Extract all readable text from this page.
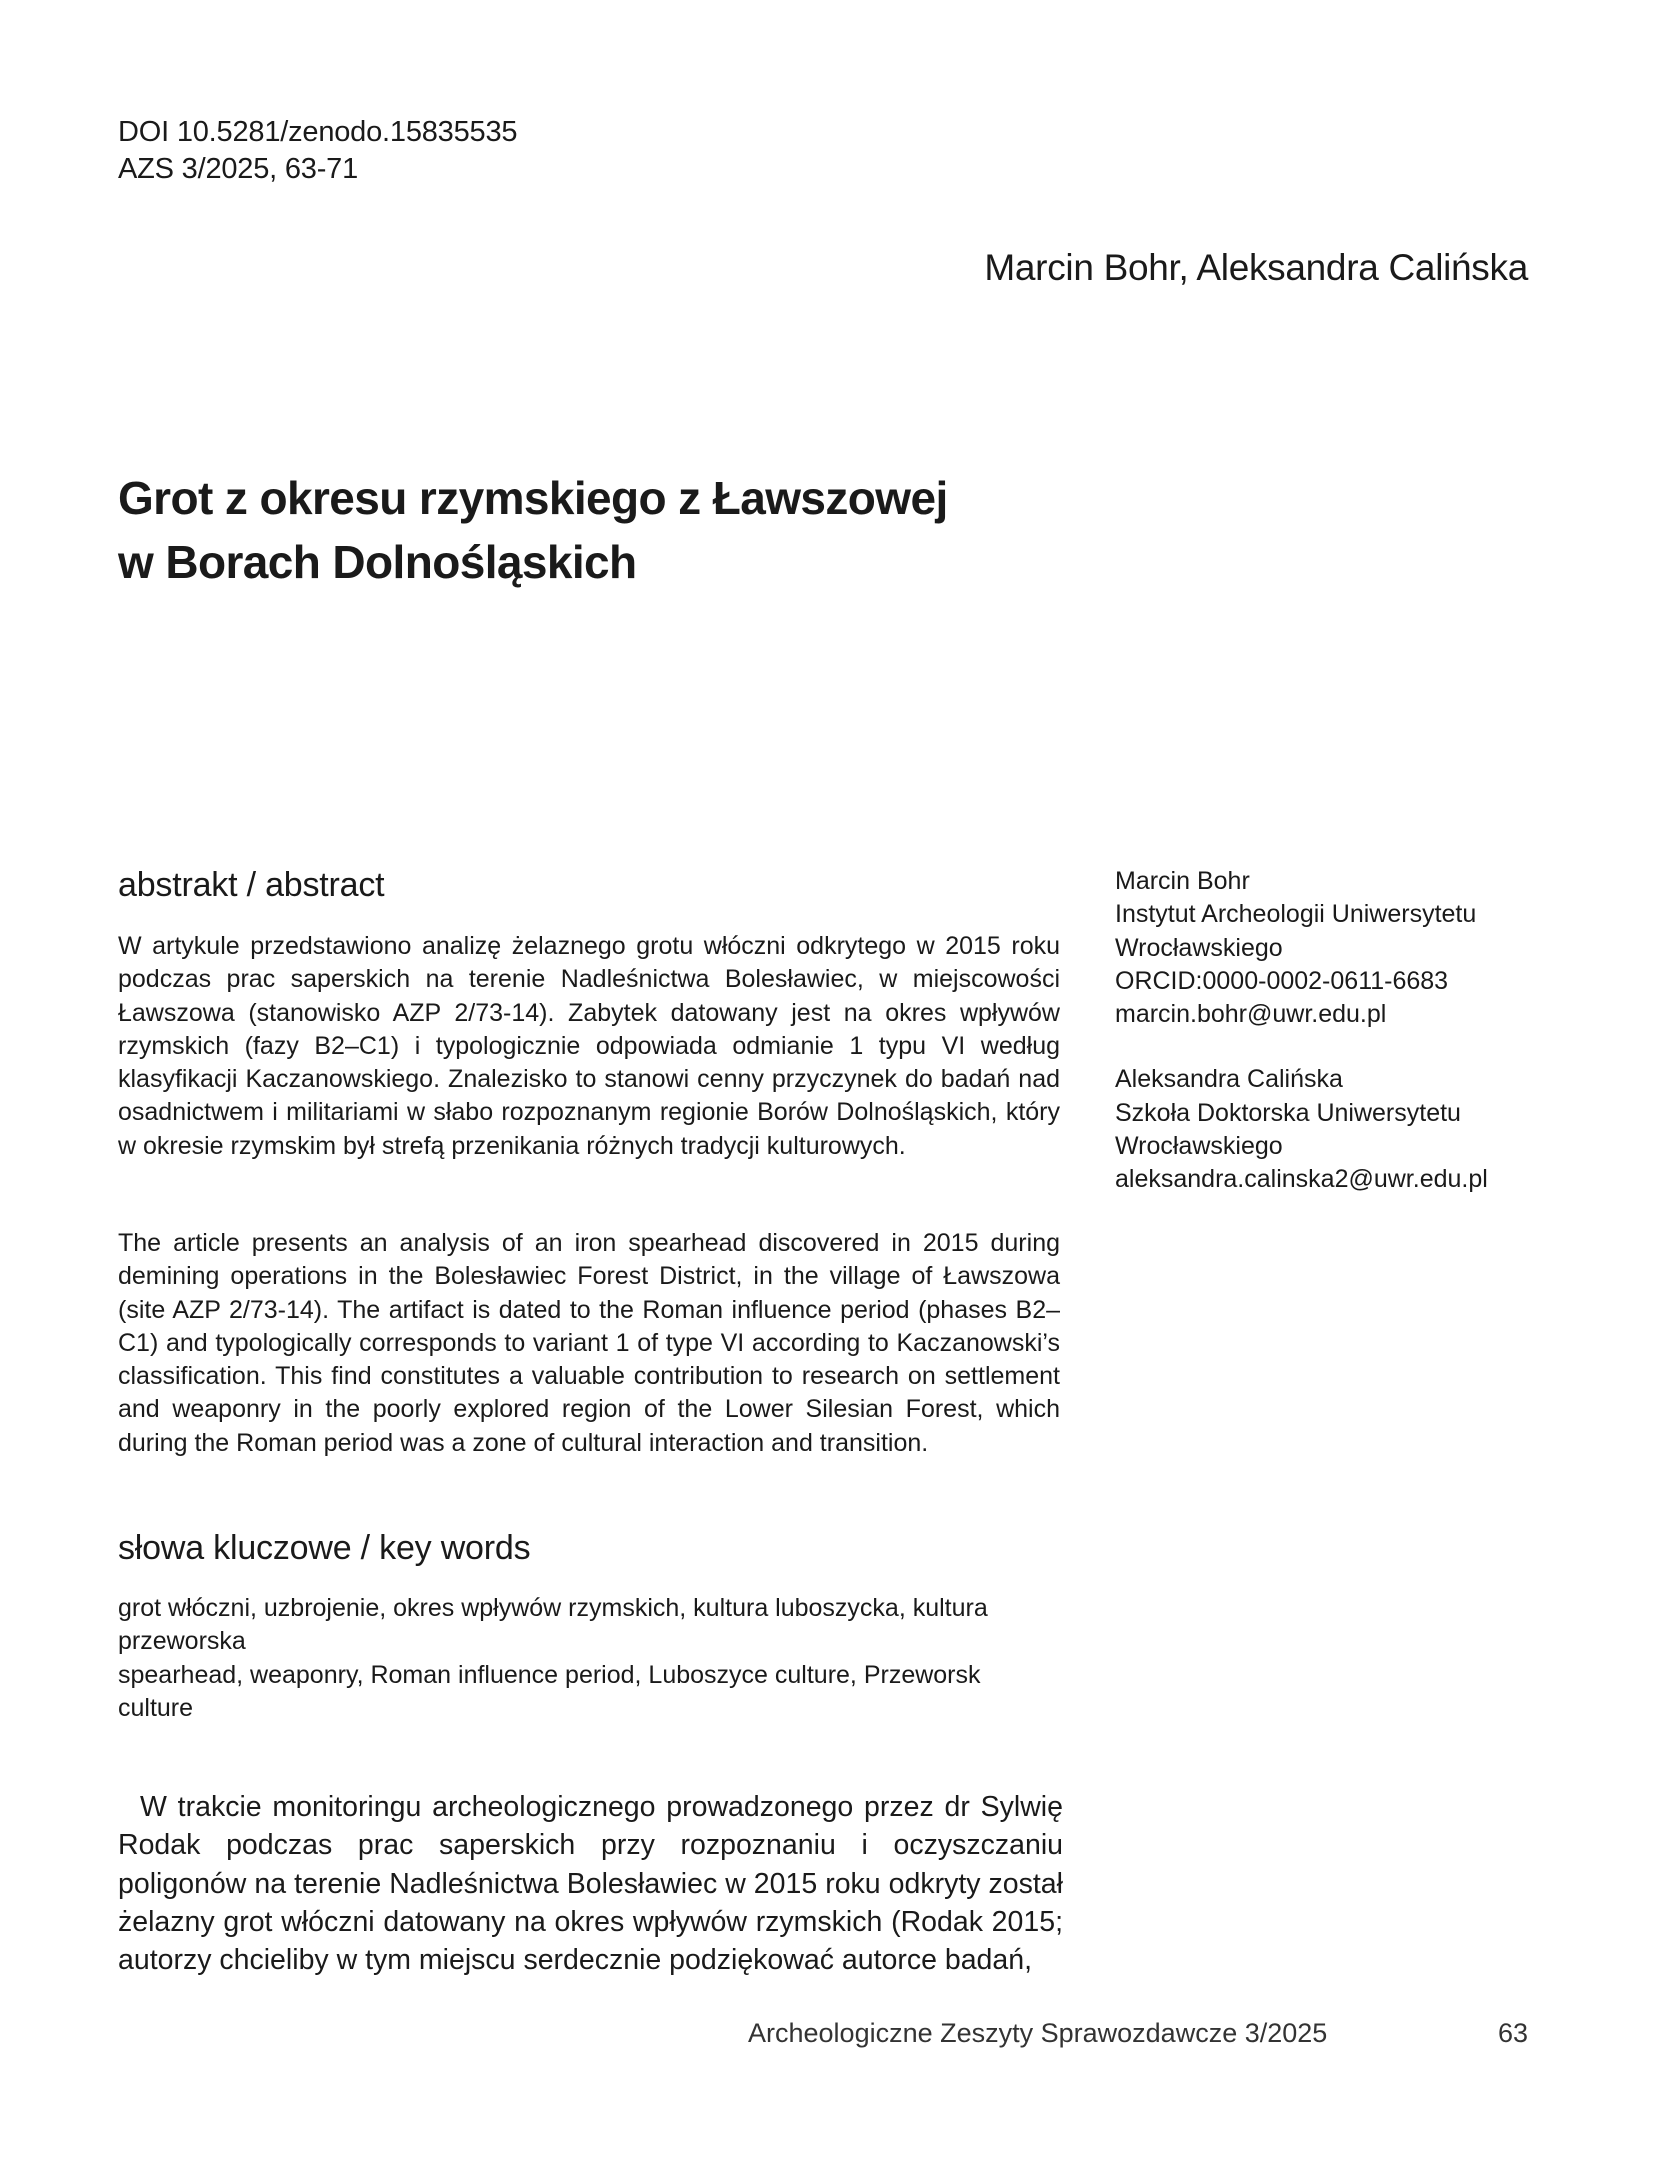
DOI 10.5281/zenodo.15835535
AZS 3/2025, 63-71
Marcin Bohr, Aleksandra Calińska
Grot z okresu rzymskiego z Ławszowej
w Borach Dolnośląskich
abstrakt / abstract

W artykule przedstawiono analizę żelaznego grotu włóczni odkrytego w 2015 roku podczas prac saperskich na terenie Nadleśnictwa Bolesławiec, w miejscowości Ławszowa (stanowisko AZP 2/73-14). Zabytek datowany jest na okres wpływów rzymskich (fazy B2–C1) i typologicznie odpowiada odmianie 1 typu VI według klasyfikacji Kaczanowskiego. Znalezisko to stanowi cenny przyczynek do badań nad osadnictwem i militariami w słabo rozpoznanym regionie Borów Dolnośląskich, który w okresie rzymskim był strefą przenikania różnych tradycji kulturowych.

The article presents an analysis of an iron spearhead discovered in 2015 during demining operations in the Bolesławiec Forest District, in the village of Ławszowa (site AZP 2/73-14). The artifact is dated to the Roman influence period (phases B2–C1) and typologically corresponds to variant 1 of type VI according to Kaczanowski’s classification. This find constitutes a valuable contribution to research on settlement and weaponry in the poorly explored region of the Lower Silesian Forest, which during the Roman period was a zone of cultural interaction and transition.

słowa kluczowe / key words

grot włóczni, uzbrojenie, okres wpływów rzymskich, kultura luboszycka, kultura przeworska

spearhead, weaponry, Roman influence period, Luboszyce culture, Przeworsk culture

Marcin Bohr
Instytut Archeologii Uniwersytetu
Wrocławskiego
ORCID:0000-0002-0611-6683
marcin.bohr@uwr.edu.pl
Aleksandra Calińska
Szkoła Doktorska Uniwersytetu
Wrocławskiego
aleksandra.calinska2@uwr.edu.pl

W trakcie monitoringu archeologicznego prowadzonego przez dr Sylwię Rodak podczas prac saperskich przy rozpoznaniu i oczyszczaniu poligonów na terenie Nadleśnictwa Bolesławiec w 2015 roku odkryty został żelazny grot włóczni datowany na okres wpływów rzymskich (Rodak 2015; autorzy chcieliby w tym miejscu serdecznie podziękować autorce badań,

Archeologiczne Zeszyty Sprawozdawcze 3/2025	63
